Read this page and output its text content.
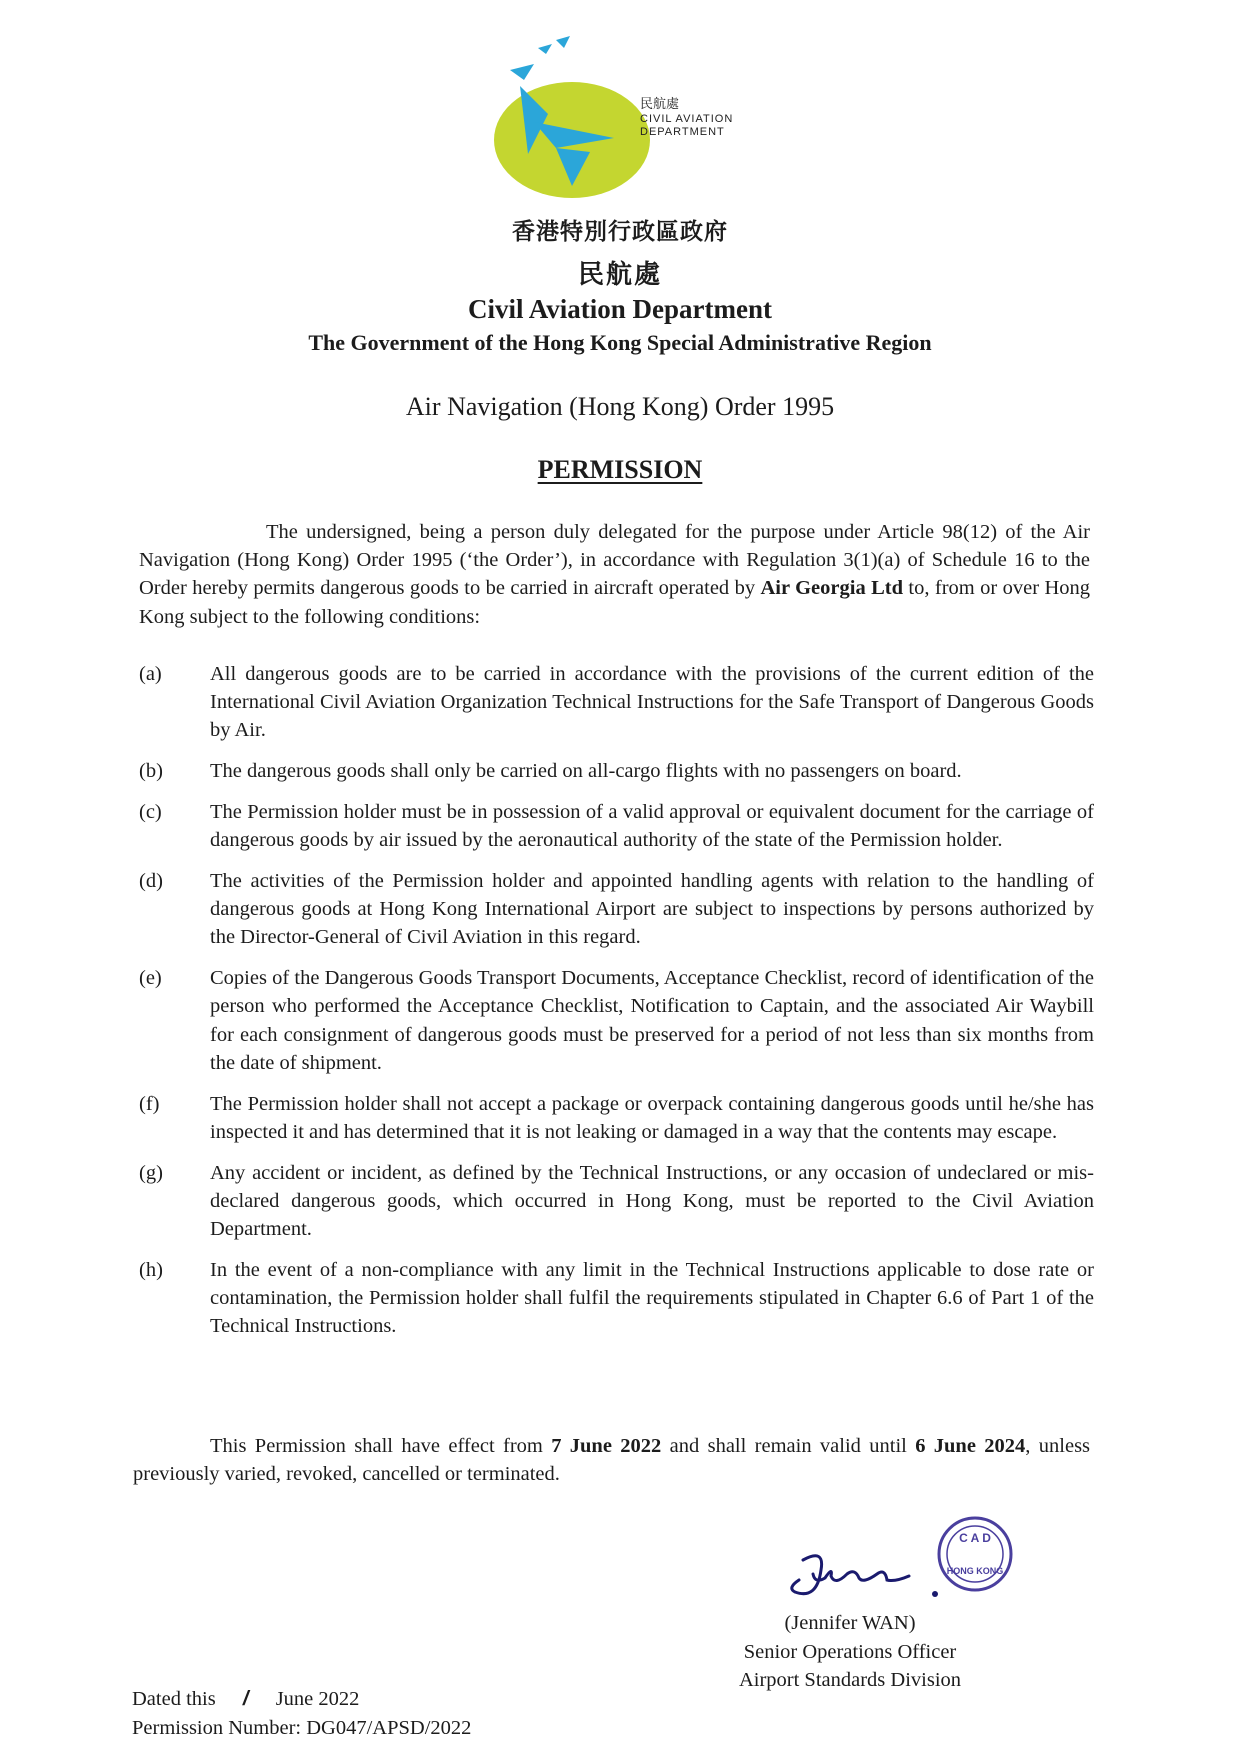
民航處
CIVIL AVIATION
DEPARTMENT
香港特別行政區政府
民航處
Civil Aviation Department
The Government of the Hong Kong Special Administrative Region
Air Navigation (Hong Kong) Order 1995
PERMISSION
The undersigned, being a person duly delegated for the purpose under Article 98(12) of the Air Navigation (Hong Kong) Order 1995 (‘the Order’), in accordance with Regulation 3(1)(a) of Schedule 16 to the Order hereby permits dangerous goods to be carried in aircraft operated by Air Georgia Ltd to, from or over Hong Kong subject to the following conditions:
(a)	All dangerous goods are to be carried in accordance with the provisions of the current edition of the International Civil Aviation Organization Technical Instructions for the Safe Transport of Dangerous Goods by Air.
(b)	The dangerous goods shall only be carried on all-cargo flights with no passengers on board.
(c)	The Permission holder must be in possession of a valid approval or equivalent document for the carriage of dangerous goods by air issued by the aeronautical authority of the state of the Permission holder.
(d)	The activities of the Permission holder and appointed handling agents with relation to the handling of dangerous goods at Hong Kong International Airport are subject to inspections by persons authorized by the Director-General of Civil Aviation in this regard.
(e)	Copies of the Dangerous Goods Transport Documents, Acceptance Checklist, record of identification of the person who performed the Acceptance Checklist, Notification to Captain, and the associated Air Waybill for each consignment of dangerous goods must be preserved for a period of not less than six months from the date of shipment.
(f)	The Permission holder shall not accept a package or overpack containing dangerous goods until he/she has inspected it and has determined that it is not leaking or damaged in a way that the contents may escape.
(g)	Any accident or incident, as defined by the Technical Instructions, or any occasion of undeclared or mis-declared dangerous goods, which occurred in Hong Kong, must be reported to the Civil Aviation Department.
(h)	In the event of a non-compliance with any limit in the Technical Instructions applicable to dose rate or contamination, the Permission holder shall fulfil the requirements stipulated in Chapter 6.6 of Part 1 of the Technical Instructions.
This Permission shall have effect from 7 June 2022 and shall remain valid until 6 June 2024, unless previously varied, revoked, cancelled or terminated.
C A D
HONG KONG
(Jennifer WAN)
Senior Operations Officer
Airport Standards Division
Dated this / June 2022
Permission Number: DG047/APSD/2022
